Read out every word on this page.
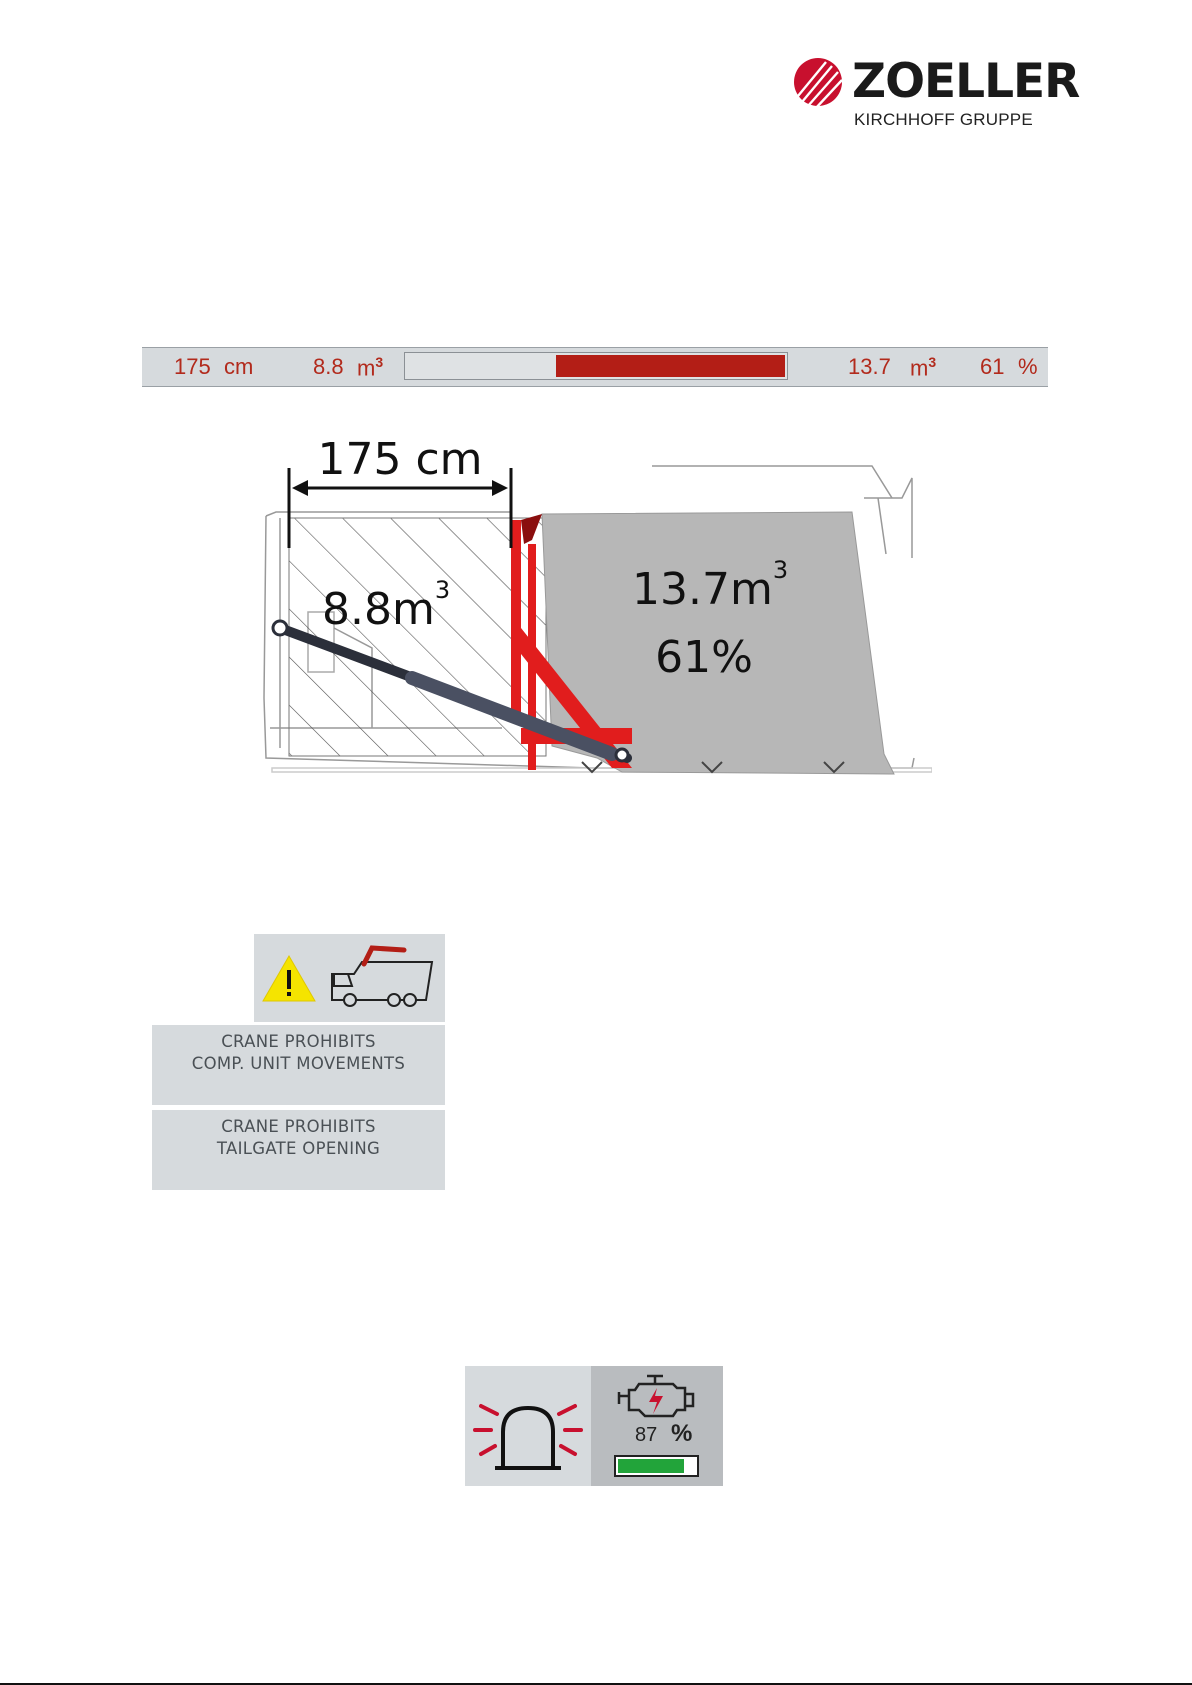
ZOELLER
KIRCHHOFF GRUPPE
175 cm	8.8 $m^3$	13.7 $m^3$ 61 %
175 cm
$8.8m^3$	$13.7m^3$
61%
CRANE PROHIBITS
COMP. UNIT MOVEMENTS
CRANE PROHIBITS
TAILGATE OPENING
87 %
